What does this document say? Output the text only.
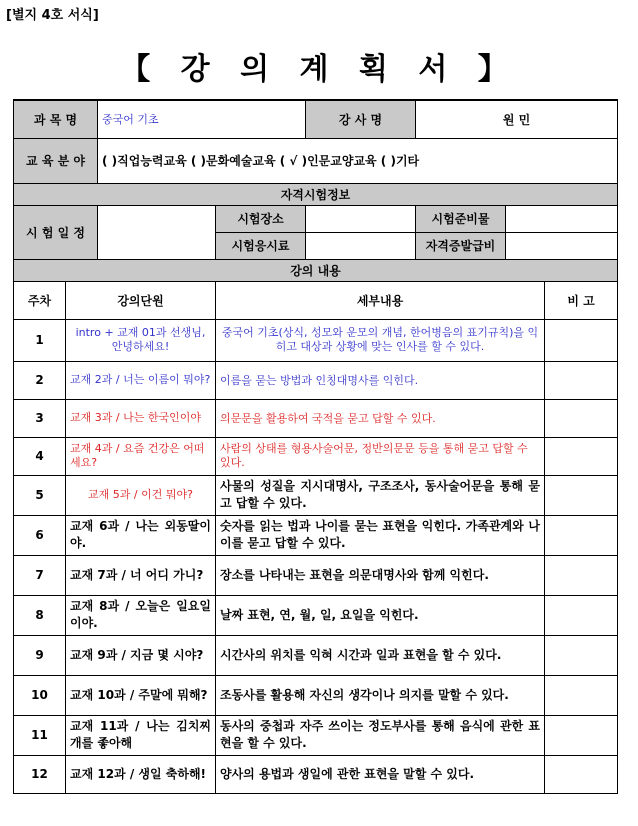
[별지 4호 서식]
【 강 의 계 획 서 】
과 목 명		중국어 기초		강 사 명	원 민		
교 육 분 야		( )직업능력교육 ( )문화예술교육 ( √ )인문교양교육 ( )기타					
자격시험정보							
시 험 일 정			시험장소		시험준비물		
			시험응시료		자격증발급비		
강의 내용							
주차	강의단원		세부내용				비 고
1	intro + 교재 01과 선생님, 안녕하세요!		중국어 기초(상식, 성모와 운모의 개념, 한어병음의 표기규칙)을 익히고 대상과 상황에 맞는 인사를 할 수 있다.				
2	교재 2과 / 너는 이름이 뭐야?		이름을 묻는 방법과 인칭대명사를 익힌다.				
3	교재 3과 / 나는 한국인이야		의문문을 활용하여 국적을 묻고 답할 수 있다.				
4	교재 4과 / 요즘 건강은 어떠세요?		사람의 상태를 형용사술어문, 정반의문문 등을 통해 묻고 답할 수 있다.				
5	교재 5과 / 이건 뭐야?		사물의 성질을 지시대명사, 구조조사, 동사술어문을 통해 묻고 답할 수 있다.				
6	교재 6과 / 나는 외동딸이야.		숫자를 읽는 법과 나이를 묻는 표현을 익힌다. 가족관계와 나이를 묻고 답할 수 있다.				
7	교재 7과 / 너 어디 가니?		장소를 나타내는 표현을 의문대명사와 함께 익힌다.				
8	교재 8과 / 오늘은 일요일이야.		날짜 표현, 연, 월, 일, 요일을 익힌다.				
9	교재 9과 / 지금 몇 시야?		시간사의 위치를 익혀 시간과 일과 표현을 할 수 있다.				
10	교재 10과 / 주말에 뭐해?		조동사를 활용해 자신의 생각이나 의지를 말할 수 있다.				
11	교재 11과 / 나는 김치찌개를 좋아해		동사의 중첩과 자주 쓰이는 정도부사를 통해 음식에 관한 표현을 할 수 있다.				
12	교재 12과 / 생일 축하해!		양사의 용법과 생일에 관한 표현을 말할 수 있다.				
